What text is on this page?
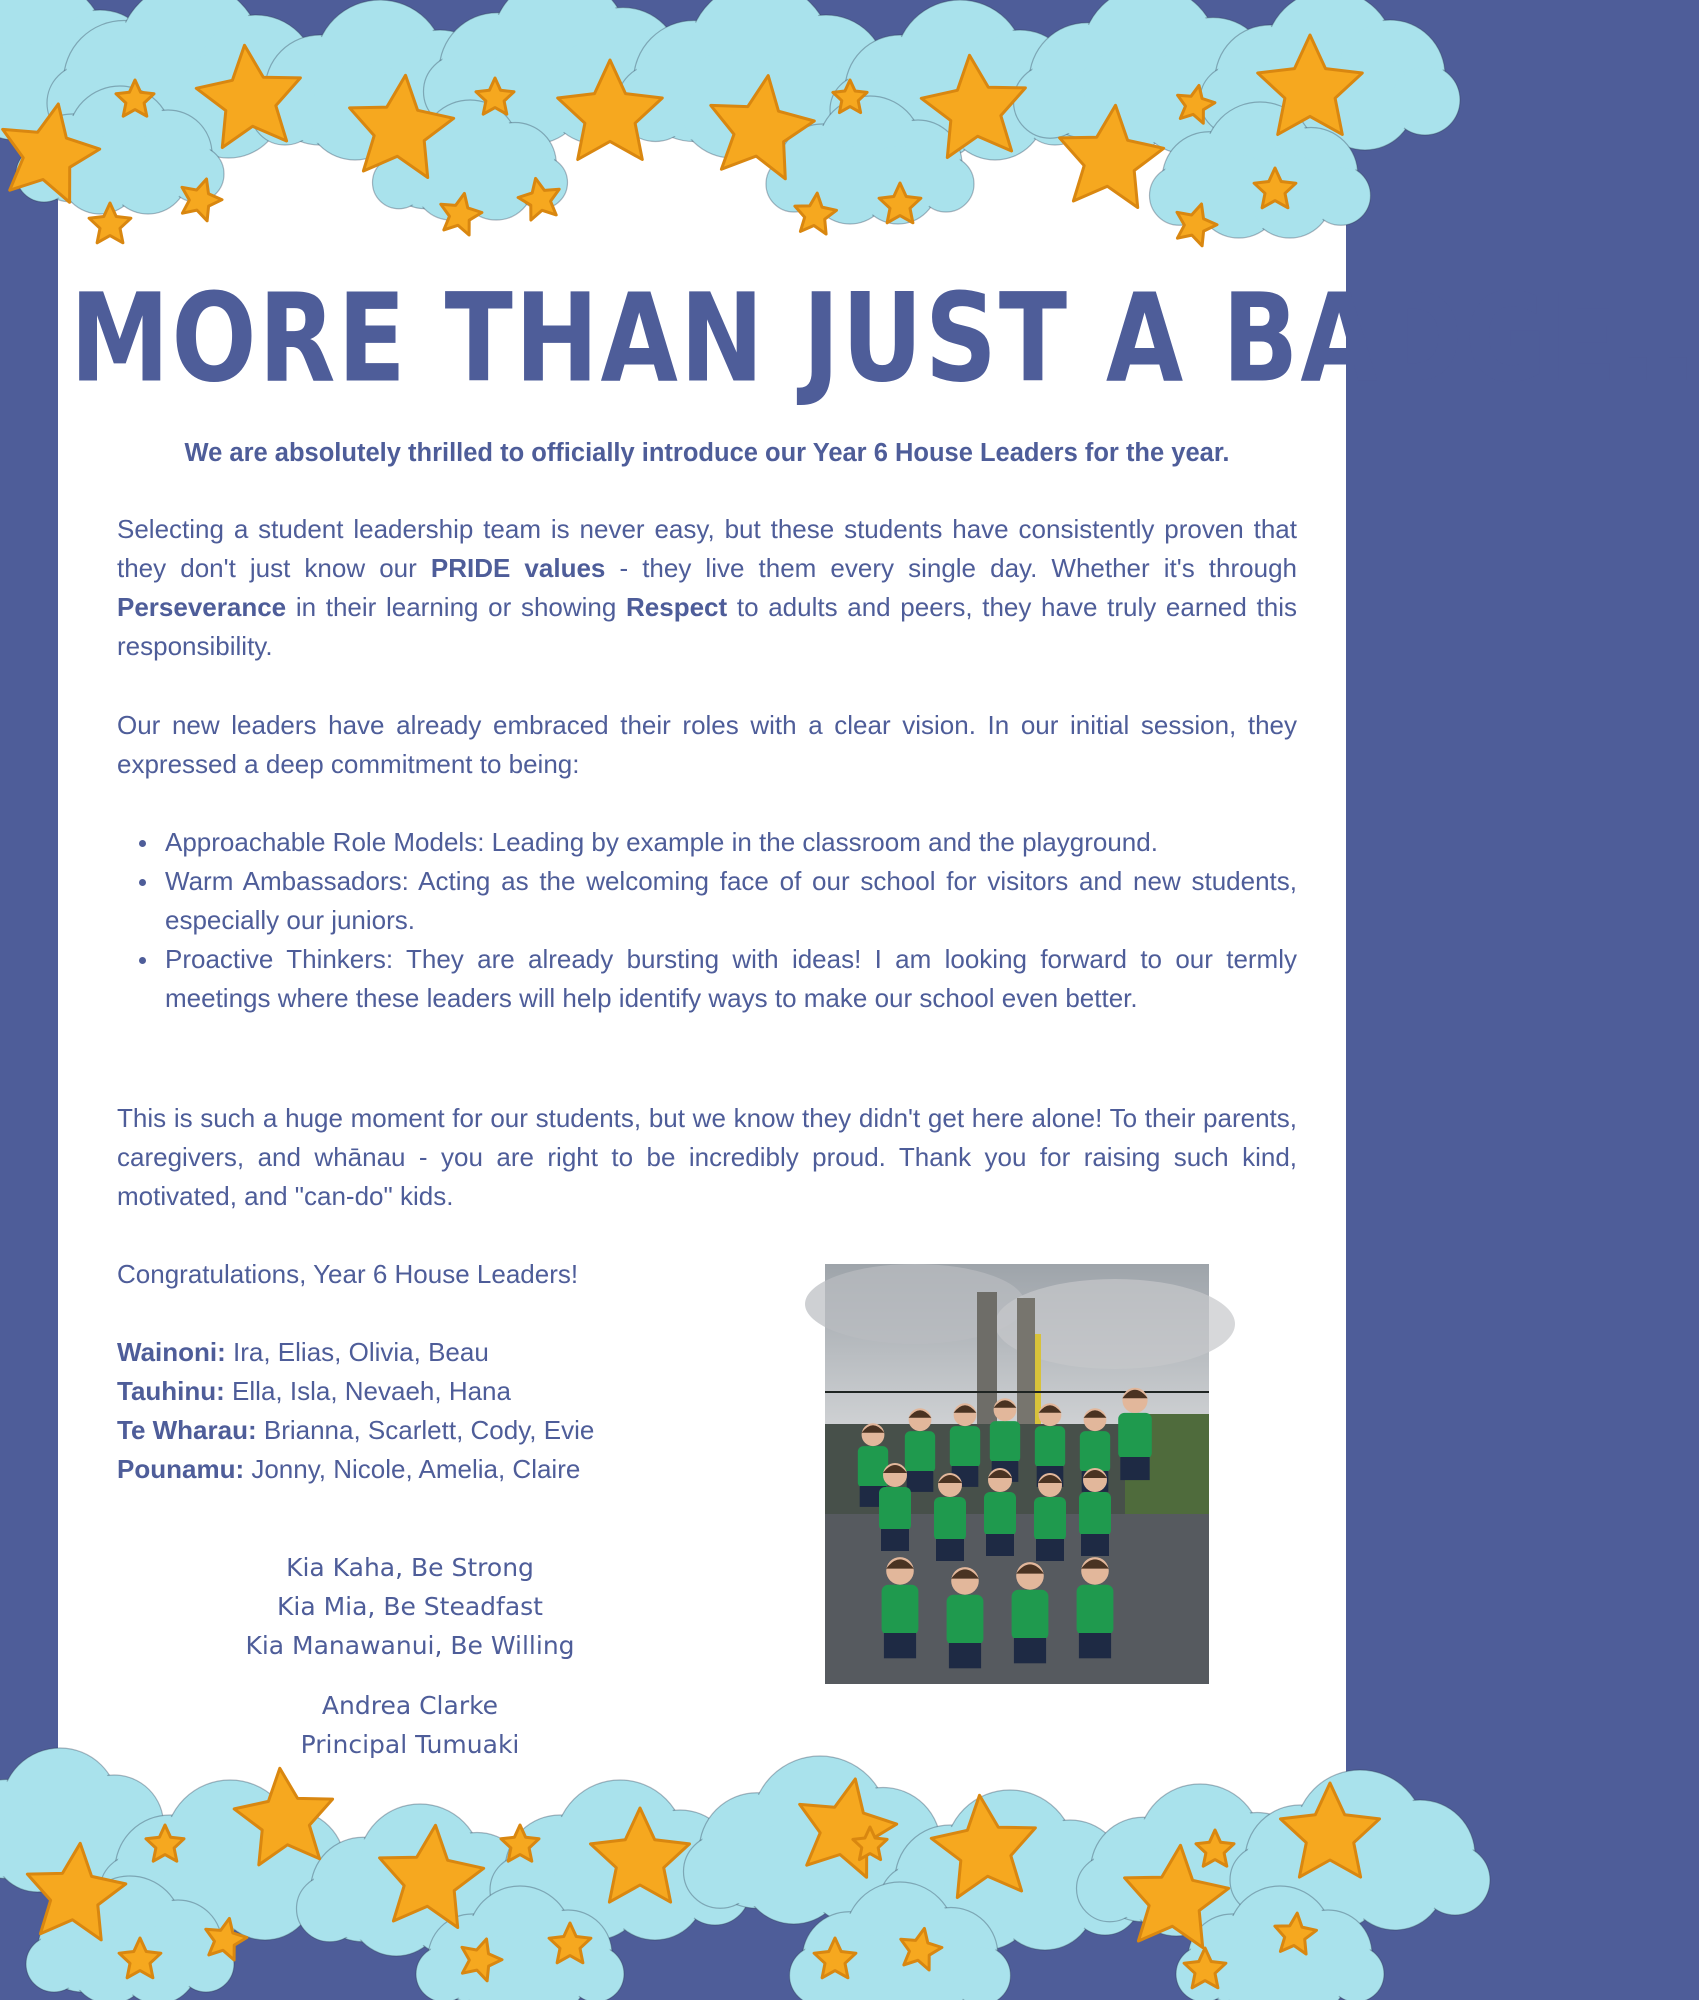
MORE THAN JUST A BADGE..

We are absolutely thrilled to officially introduce our Year 6 House Leaders for the year.

Selecting a student leadership team is never easy, but these students have consistently proven that they don't just know our PRIDE values - they live them every single day. Whether it's through Perseverance in their learning or showing Respect to adults and peers, they have truly earned this responsibility.

Our new leaders have already embraced their roles with a clear vision. In our initial session, they expressed a deep commitment to being:

Approachable Role Models: Leading by example in the classroom and the playground.
Warm Ambassadors: Acting as the welcoming face of our school for visitors and new students, especially our juniors.
Proactive Thinkers: They are already bursting with ideas! I am looking forward to our termly meetings where these leaders will help identify ways to make our school even better.

This is such a huge moment for our students, but we know they didn't get here alone! To their parents, caregivers, and whānau - you are right to be incredibly proud. Thank you for raising such kind, motivated, and "can-do" kids.

Congratulations, Year 6 House Leaders!

Wainoni: Ira, Elias, Olivia, Beau
Tauhinu: Ella, Isla, Nevaeh, Hana
Te Wharau: Brianna, Scarlett, Cody, Evie
Pounamu: Jonny, Nicole, Amelia, Claire
Kia Kaha, Be Strong
Kia Mia, Be Steadfast
Kia Manawanui, Be Willing
Andrea Clarke
Principal Tumuaki
